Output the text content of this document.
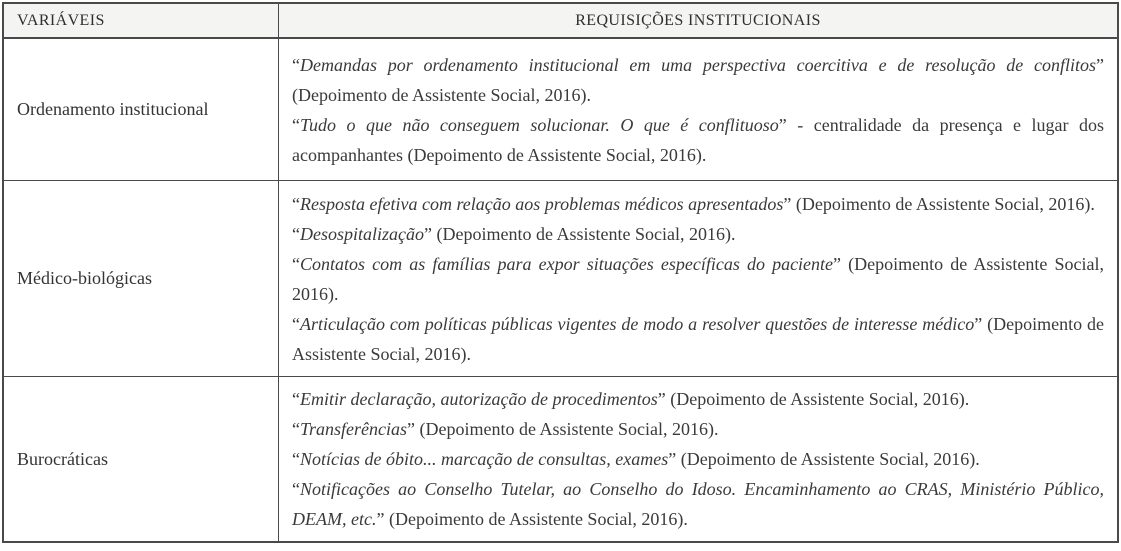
VARIÁVEIS	REQUISIÇÕES INSTITUCIONAIS
Ordenamento institucional
“Demandas por ordenamento institucional em uma perspectiva coercitiva e de resolução de conflitos” (Depoimento de Assistente Social, 2016).
“Tudo o que não conseguem solucionar. O que é conflituoso” - centralidade da presença e lugar dos acompanhantes (Depoimento de Assistente Social, 2016).
Médico-biológicas
“Resposta efetiva com relação aos problemas médicos apresentados” (Depoimento de Assistente Social, 2016).
“Desospitalização” (Depoimento de Assistente Social, 2016).
“Contatos com as famílias para expor situações específicas do paciente” (Depoimento de Assistente Social, 2016).
“Articulação com políticas públicas vigentes de modo a resolver questões de interesse médico” (Depoimento de Assistente Social, 2016).
Burocráticas
“Emitir declaração, autorização de procedimentos” (Depoimento de Assistente Social, 2016).
“Transferências” (Depoimento de Assistente Social, 2016).
“Notícias de óbito... marcação de consultas, exames” (Depoimento de Assistente Social, 2016).
“Notificações ao Conselho Tutelar, ao Conselho do Idoso. Encaminhamento ao CRAS, Ministério Público, DEAM, etc.” (Depoimento de Assistente Social, 2016).
